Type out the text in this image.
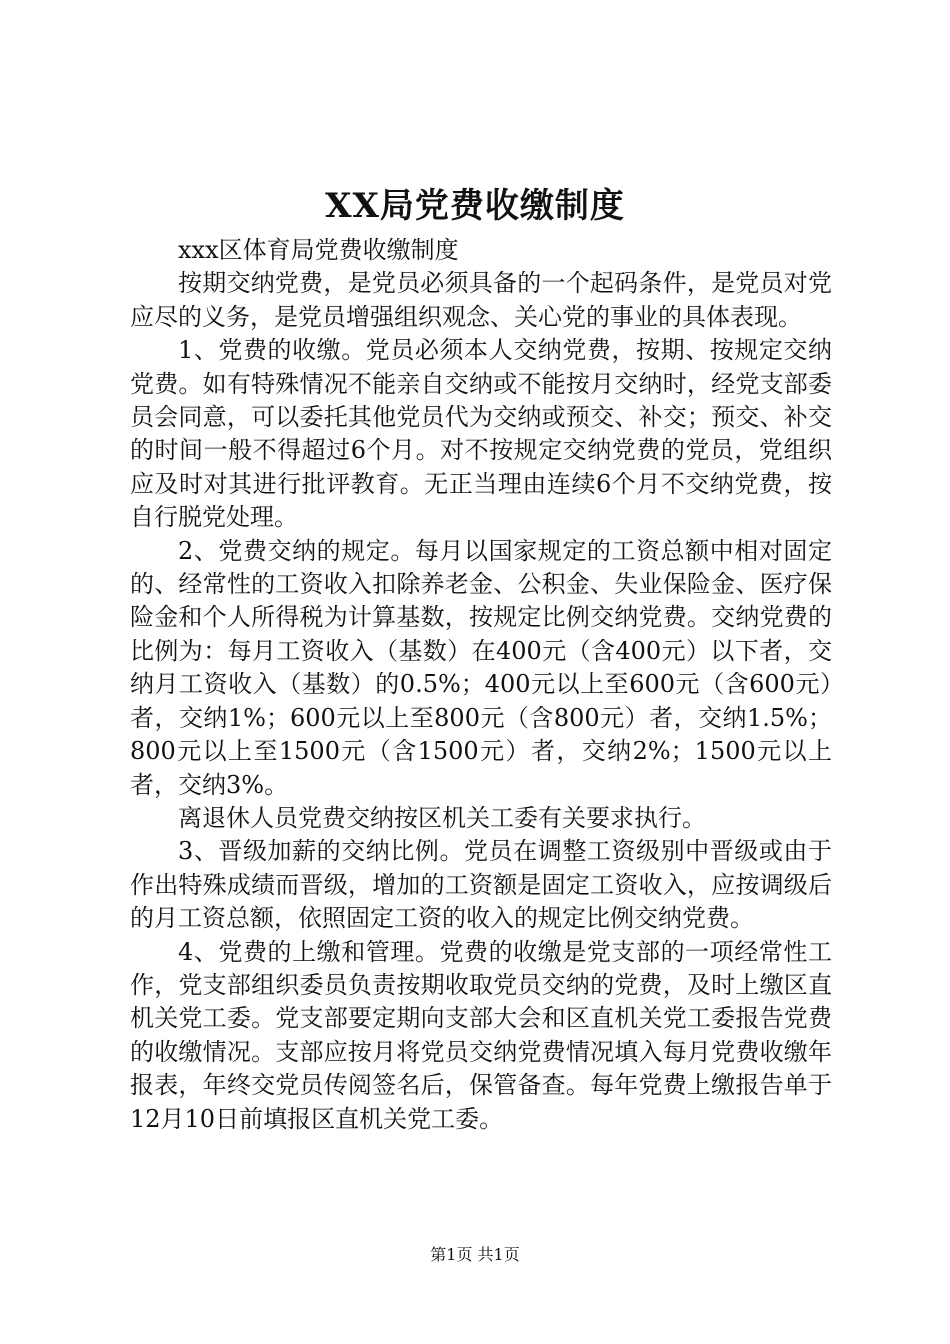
XX局党费收缴制度

xxx区体育局党费收缴制度

按期交纳党费，是党员必须具备的一个起码条件，是党员对党应尽的义务，是党员增强组织观念、关心党的事业的具体表现。

1、党费的收缴。党员必须本人交纳党费，按期、按规定交纳党费。如有特殊情况不能亲自交纳或不能按月交纳时，经党支部委员会同意，可以委托其他党员代为交纳或预交、补交；预交、补交的时间一般不得超过6个月。对不按规定交纳党费的党员，党组织应及时对其进行批评教育。无正当理由连续6个月不交纳党费，按自行脱党处理。

2、党费交纳的规定。每月以国家规定的工资总额中相对固定的、经常性的工资收入扣除养老金、公积金、失业保险金、医疗保险金和个人所得税为计算基数，按规定比例交纳党费。交纳党费的比例为：每月工资收入（基数）在400元（含400元）以下者，交纳月工资收入（基数）的0.5%；400元以上至600元（含600元）者，交纳1%；600元以上至800元（含800元）者，交纳1.5%；800元以上至1500元（含1500元）者，交纳2%；1500元以上者，交纳3%。

离退休人员党费交纳按区机关工委有关要求执行。

3、晋级加薪的交纳比例。党员在调整工资级别中晋级或由于作出特殊成绩而晋级，增加的工资额是固定工资收入，应按调级后的月工资总额，依照固定工资的收入的规定比例交纳党费。

4、党费的上缴和管理。党费的收缴是党支部的一项经常性工作，党支部组织委员负责按期收取党员交纳的党费，及时上缴区直机关党工委。党支部要定期向支部大会和区直机关党工委报告党费的收缴情况。支部应按月将党员交纳党费情况填入每月党费收缴年报表，年终交党员传阅签名后，保管备查。每年党费上缴报告单于12月10日前填报区直机关党工委。

第1页 共1页
